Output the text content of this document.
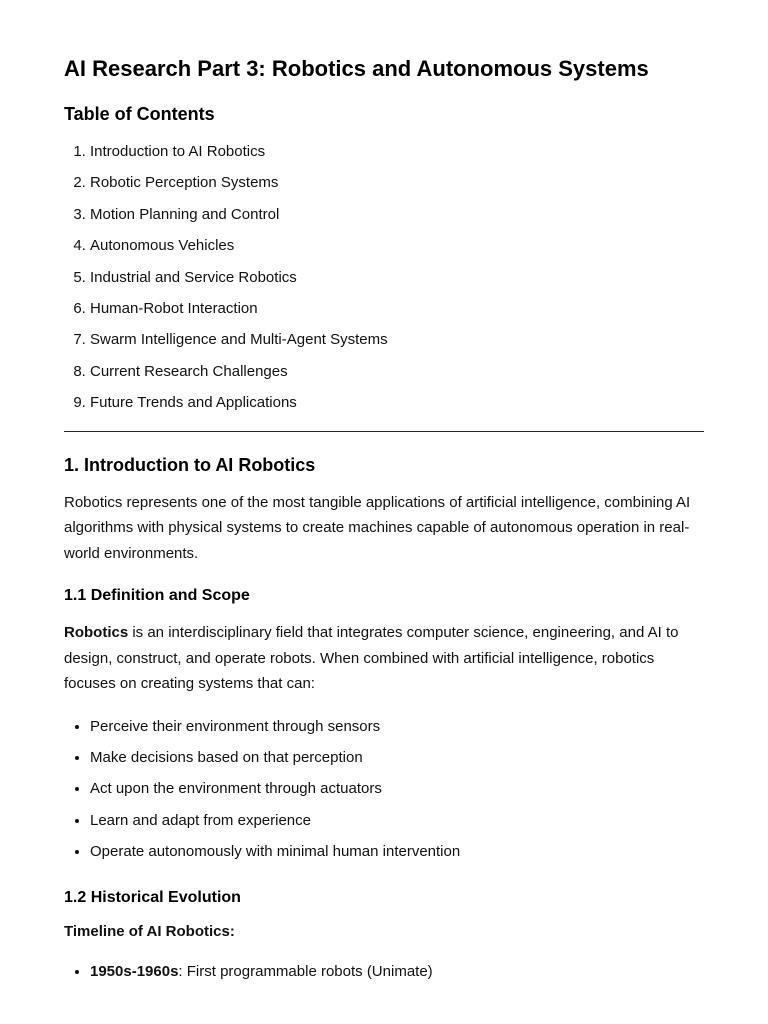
AI Research Part 3: Robotics and Autonomous Systems
Table of Contents
1. Introduction to AI Robotics
2. Robotic Perception Systems
3. Motion Planning and Control
4. Autonomous Vehicles
5. Industrial and Service Robotics
6. Human-Robot Interaction
7. Swarm Intelligence and Multi-Agent Systems
8. Current Research Challenges
9. Future Trends and Applications
1. Introduction to AI Robotics

Robotics represents one of the most tangible applications of artificial intelligence, combining AI algorithms with physical systems to create machines capable of autonomous operation in real-world environments.

1.1 Definition and Scope

Robotics is an interdisciplinary field that integrates computer science, engineering, and AI to design, construct, and operate robots. When combined with artificial intelligence, robotics focuses on creating systems that can:

• Perceive their environment through sensors
• Make decisions based on that perception
• Act upon the environment through actuators
• Learn and adapt from experience
• Operate autonomously with minimal human intervention
1.2 Historical Evolution

Timeline of AI Robotics:

• 1950s-1960s: First programmable robots (Unimate)
